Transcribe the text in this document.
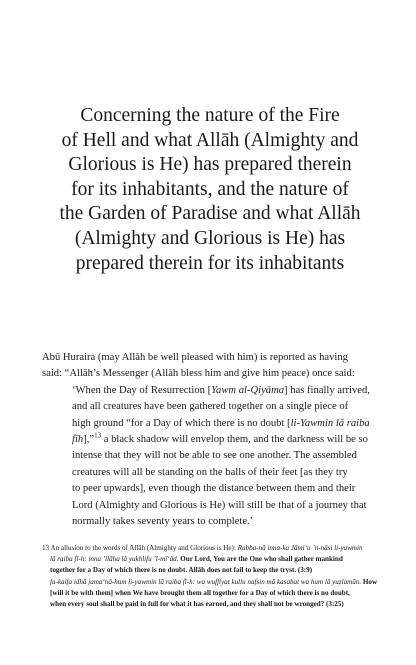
Concerning the nature of the Fire
of Hell and what Allāh (Almighty and
Glorious is He) has prepared therein
for its inhabitants, and the nature of
the Garden of Paradise and what Allāh
(Almighty and Glorious is He) has
prepared therein for its inhabitants
Abū Huraira (may Allāh be well pleased with him) is reported as having
said: “Allāh’s Messenger (Allāh bless him and give him peace) once said:
‘When the Day of Resurrection [Yawm al-Qiyāma] has finally arrived,
and all creatures have been gathered together on a single piece of
high ground “for a Day of which there is no doubt [li-Yawmin lā raiba
fīh],”$^{13}$ a black shadow will envelop them, and the darkness will be so
intense that they will not be able to see one another. The assembled
creatures will all be standing on the balls of their feet [as they try
to peer upwards], even though the distance between them and their
Lord (Almighty and Glorious is He) will still be that of a journey that
normally takes seventy years to complete.’
13 An allusion to the words of Allāh (Almighty and Glorious is He): Rabba-nā inna-ka Jāmi‘u ’n-nāsi li-yawmin
lā raiba fī-h: inna ’llāha lā yukhlifu ’l-mī‘ād. Our Lord, You are the One who shall gather mankind
together for a Day of which there is no doubt. Allāh does not fail to keep the tryst. (3:9)
fa-kaifa idhā jama‘nā-hum li-yawmin lā raiba fī-h: wa wuffiyat kullu nafsin mā kasabat wa hum lā yuẓlamūn. How
[will it be with them] when We have brought them all together for a Day of which there is no doubt,
when every soul shall be paid in full for what it has earned, and they shall not be wronged? (3:25)
